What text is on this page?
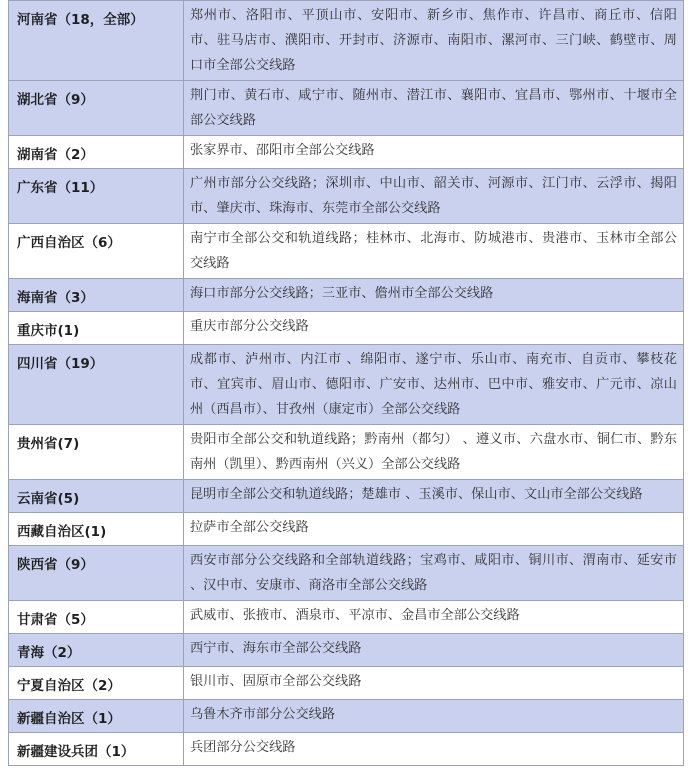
河南省（18，全部）	郑州市、洛阳市、平顶山市、安阳市、新乡市、焦作市、许昌市、商丘市、信阳市、驻马店市、濮阳市、开封市、济源市、南阳市、漯河市、三门峡、鹤壁市、周口市全部公交线路
湖北省（9）	荆门市、黄石市、咸宁市、随州市、潜江市、襄阳市、宜昌市、鄂州市、十堰市全部公交线路
湖南省（2）	张家界市、邵阳市全部公交线路
广东省（11）	广州市部分公交线路；深圳市、中山市、韶关市、河源市、江门市、云浮市、揭阳市、肇庆市、珠海市、东莞市全部公交线路
广西自治区（6）	南宁市全部公交和轨道线路；桂林市、北海市、防城港市、贵港市、玉林市全部公交线路
海南省（3）	海口市部分公交线路；三亚市、儋州市全部公交线路
重庆市(1)	重庆市部分公交线路
四川省（19）	成都市、泸州市、内江市 、绵阳市、遂宁市、乐山市、南充市、自贡市、攀枝花市、宜宾市、眉山市、德阳市、广安市、达州市、巴中市、雅安市、广元市、凉山州（西昌市）、甘孜州（康定市）全部公交线路
贵州省(7)	贵阳市全部公交和轨道线路；黔南州（都匀） 、遵义市、六盘水市、铜仁市、黔东南州（凯里）、黔西南州（兴义）全部公交线路
云南省(5)	昆明市全部公交和轨道线路；楚雄市 、玉溪市、保山市、文山市全部公交线路
西藏自治区(1)	拉萨市全部公交线路
陕西省（9）	西安市部分公交线路和全部轨道线路；宝鸡市、咸阳市、铜川市、渭南市、延安市 、汉中市、安康市、商洛市全部公交线路
甘肃省（5）	武威市、张掖市、酒泉市、平凉市、金昌市全部公交线路
青海（2）	西宁市、海东市全部公交线路
宁夏自治区（2）	银川市、固原市全部公交线路
新疆自治区（1）	乌鲁木齐市部分公交线路
新疆建设兵团（1）	兵团部分公交线路
